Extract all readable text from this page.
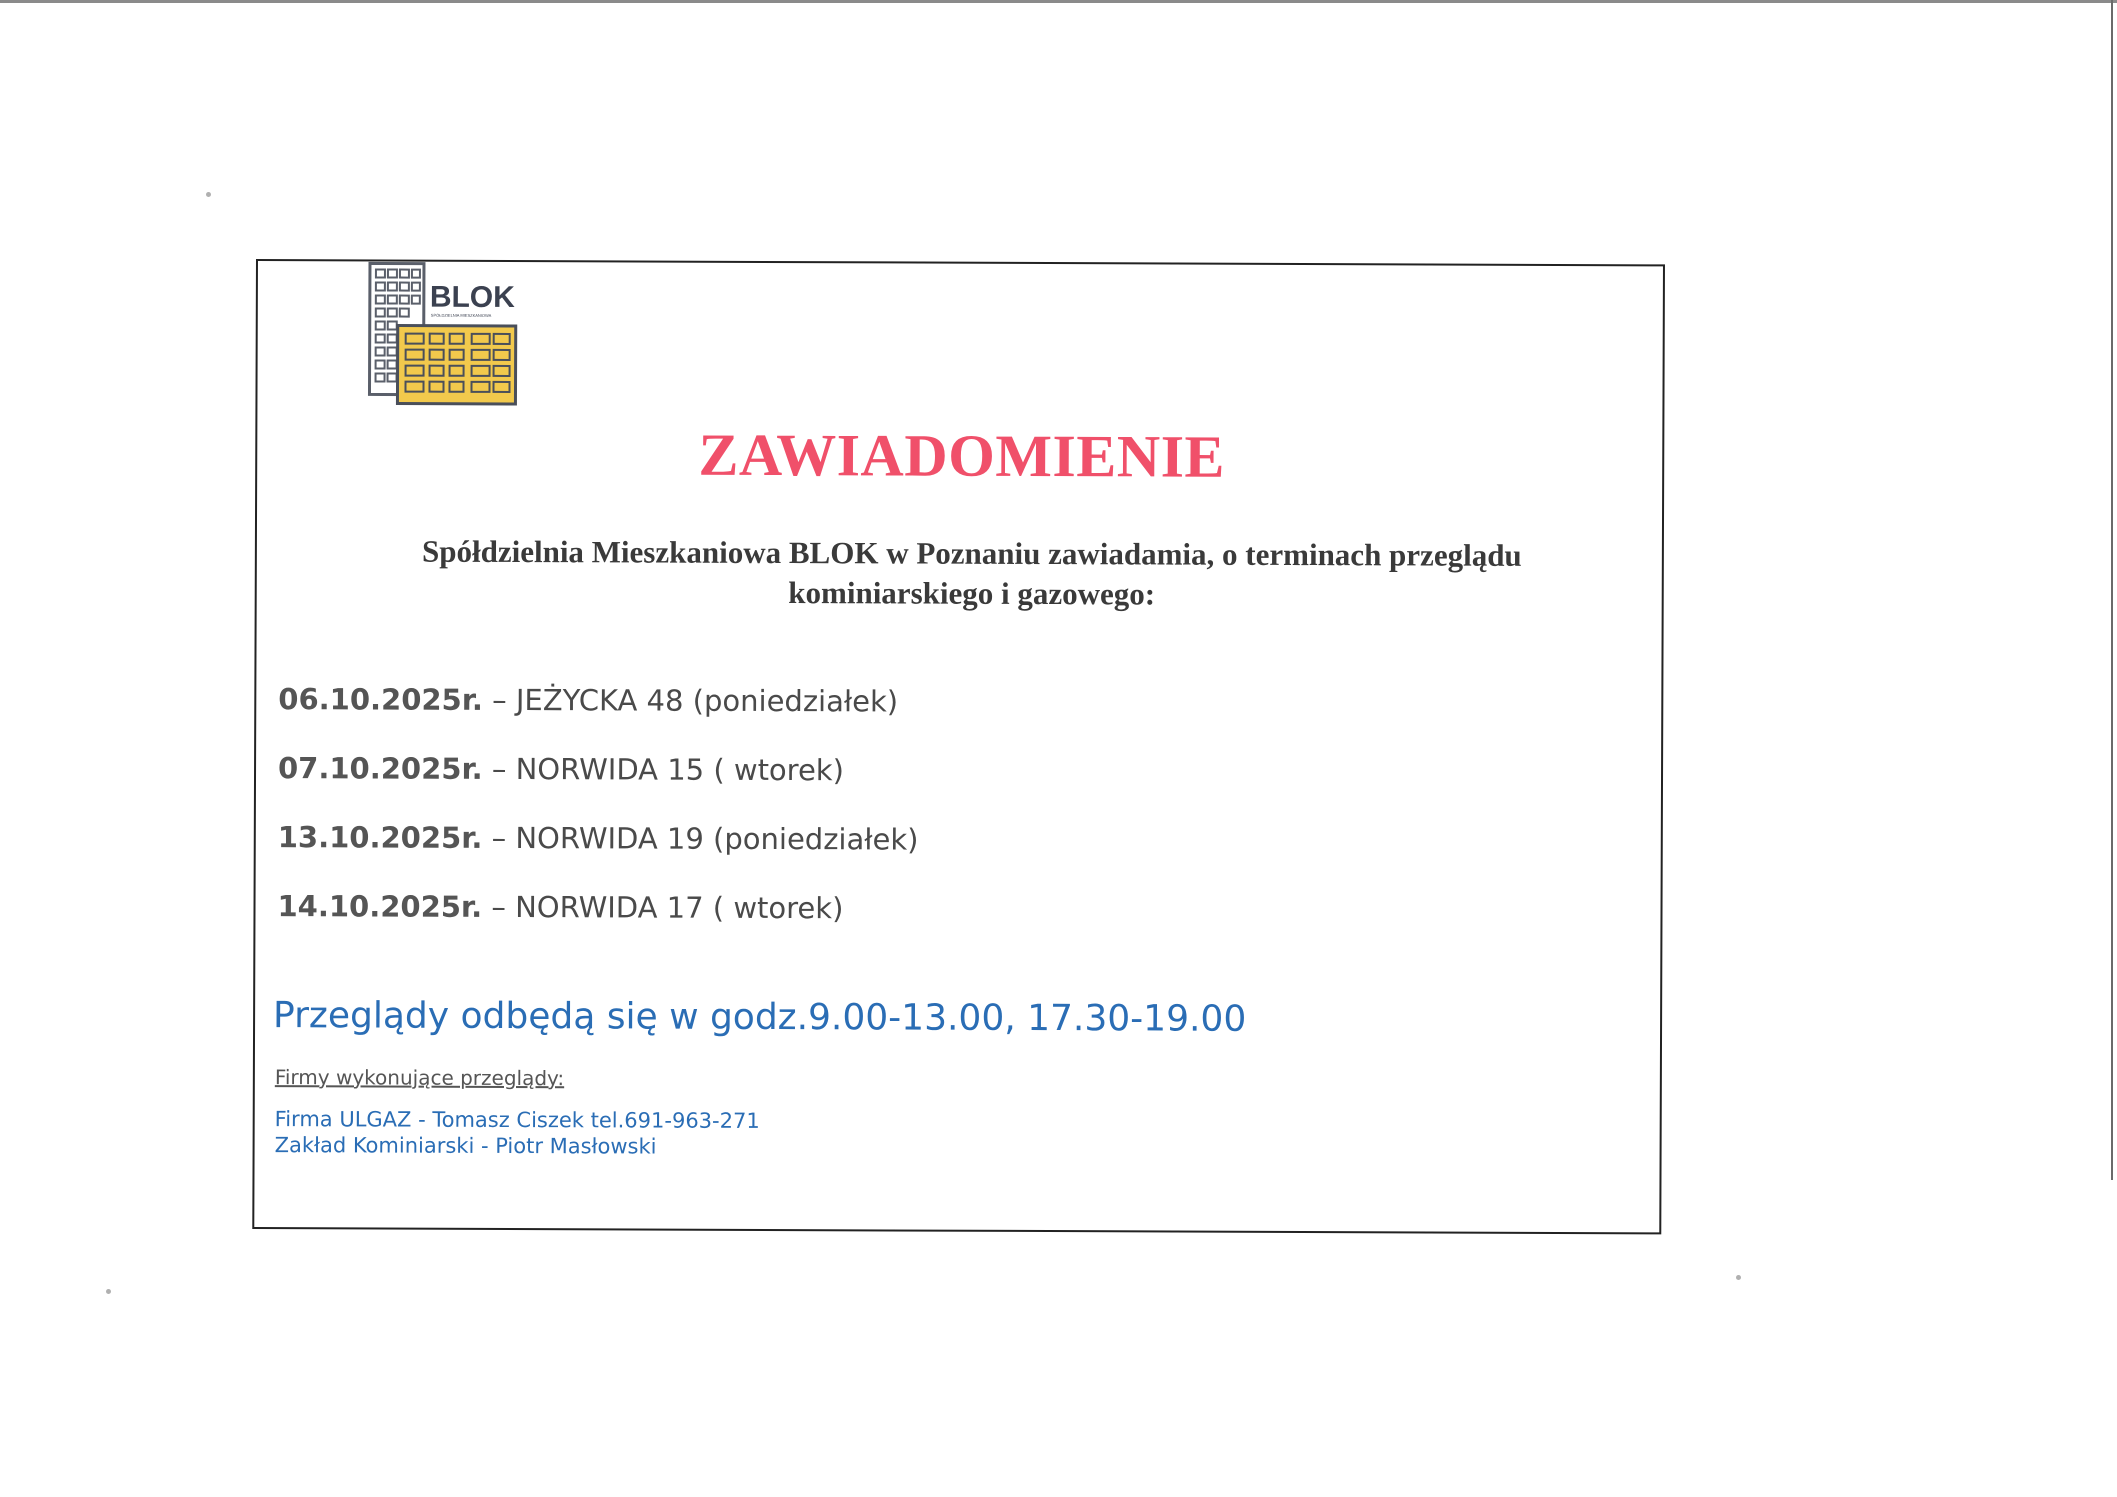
BLOK
SPÓŁDZIELNIA MIESZKANIOWA
ZAWIADOMIENIE
Spółdzielnia Mieszkaniowa BLOK w Poznaniu zawiadamia, o terminach przeglądu
kominiarskiego i gazowego:
06.10.2025r. – JEŻYCKA 48 (poniedziałek)
07.10.2025r. – NORWIDA 15 ( wtorek)
13.10.2025r. – NORWIDA 19 (poniedziałek)
14.10.2025r. – NORWIDA 17 ( wtorek)
Przeglądy odbędą się w godz.9.00-13.00, 17.30-19.00
Firmy wykonujące przeglądy:
Firma ULGAZ - Tomasz Ciszek tel.691-963-271
Zakład Kominiarski - Piotr Masłowski
